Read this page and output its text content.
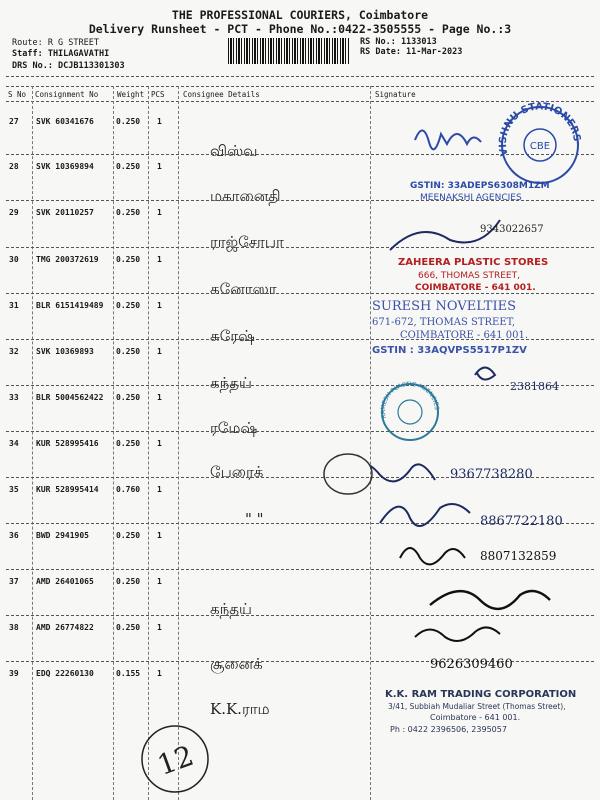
THE PROFESSIONAL COURIERS, Coimbatore
Delivery Runsheet - PCT - Phone No.:0422-3505555 - Page No.:3
Route: R G STREET
Staff: THILAGAVATHI
DRS No.: DCJB113301303
RS No.: 1133013
RS Date: 11-Mar-2023
S No Consignment No	Weight PCS Consignee Details	Signature
27 SVK 60341676	0.250 1
விஸ்வ
28 SVK 10369894	0.250 1
மகானைதி
29 SVK 20110257	0.250 1
ராஜ்சோபா
30 TMG 200372619 0.250 1
கனோஸா
31 BLR 6151419489 0.250 1
சுரேஷ்
32 SVK 10369893	0.250 1
கந்தய்
33 BLR 5004562422 0.250 1
ரமேஷ்
34 KUR 528995416 0.250 1
பேரைக்
35 KUR 528995414 0.760 1
" "
36 BWD 2941905	0.250 1
37 AMD 26401065	0.250 1
கந்தய்
38 AMD 26774822	0.250 1
சூனைக்
39 EDQ 22260130	0.155 1
K.K.ராம
VISHNU STATIONERS
CBE
GSTIN: 33ADEPS6308M1ZM
MEENAKSHI AGENCIES
9343022657
ZAHEERA PLASTIC STORES
666, THOMAS STREET,
COIMBATORE - 641 001.
SURESH NOVELTIES
671-672, THOMAS STREET,
COIMBATORE - 641 001.
GSTIN : 33AQVPS5517P1ZV
2381864
RAMESH PLASTIC AGENCIES
9367738280
8867722180
8807132859
9626309460
K.K. RAM TRADING CORPORATION
3/41, Subbiah Mudaliar Street (Thomas Street),
Coimbatore - 641 001.
Ph : 0422 2396506, 2395057
12
